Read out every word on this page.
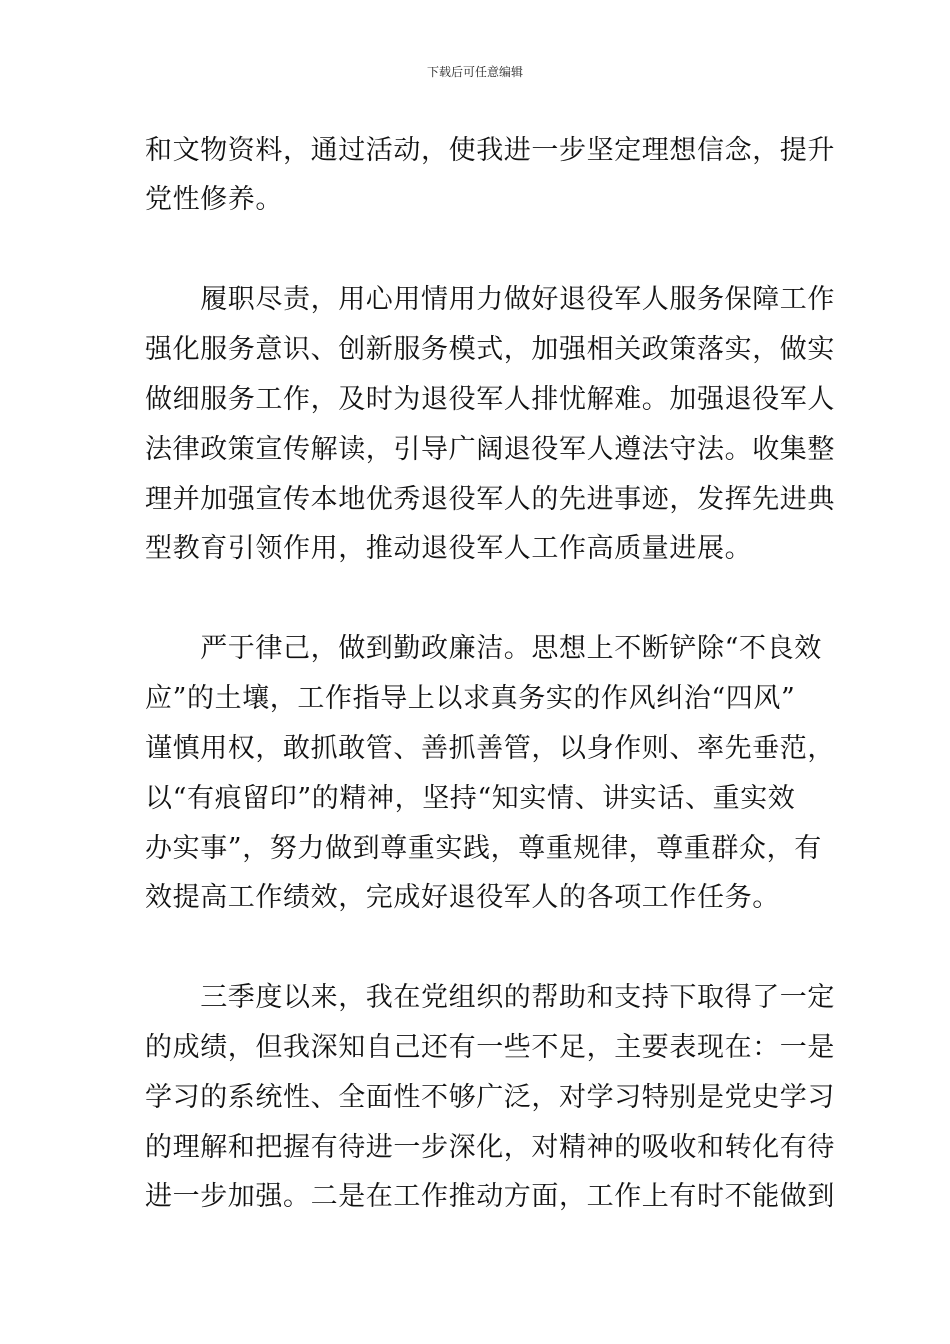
下载后可任意编辑
和文物资料，通过活动，使我进一步坚定理想信念，提升
党性修养。
　　履职尽责，用心用情用力做好退役军人服务保障工作
强化服务意识、创新服务模式，加强相关政策落实，做实
做细服务工作，及时为退役军人排忧解难。加强退役军人
法律政策宣传解读，引导广阔退役军人遵法守法。收集整
理并加强宣传本地优秀退役军人的先进事迹，发挥先进典
型教育引领作用，推动退役军人工作高质量进展。
　　严于律己，做到勤政廉洁。思想上不断铲除“不良效
应”的土壤，工作指导上以求真务实的作风纠治“四风”
谨慎用权，敢抓敢管、善抓善管，以身作则、率先垂范，
以“有痕留印”的精神，坚持“知实情、讲实话、重实效
办实事”，努力做到尊重实践，尊重规律，尊重群众，有
效提高工作绩效，完成好退役军人的各项工作任务。
　　三季度以来，我在党组织的帮助和支持下取得了一定
的成绩，但我深知自己还有一些不足，主要表现在：一是
学习的系统性、全面性不够广泛，对学习特别是党史学习
的理解和把握有待进一步深化，对精神的吸收和转化有待
进一步加强。二是在工作推动方面，工作上有时不能做到
